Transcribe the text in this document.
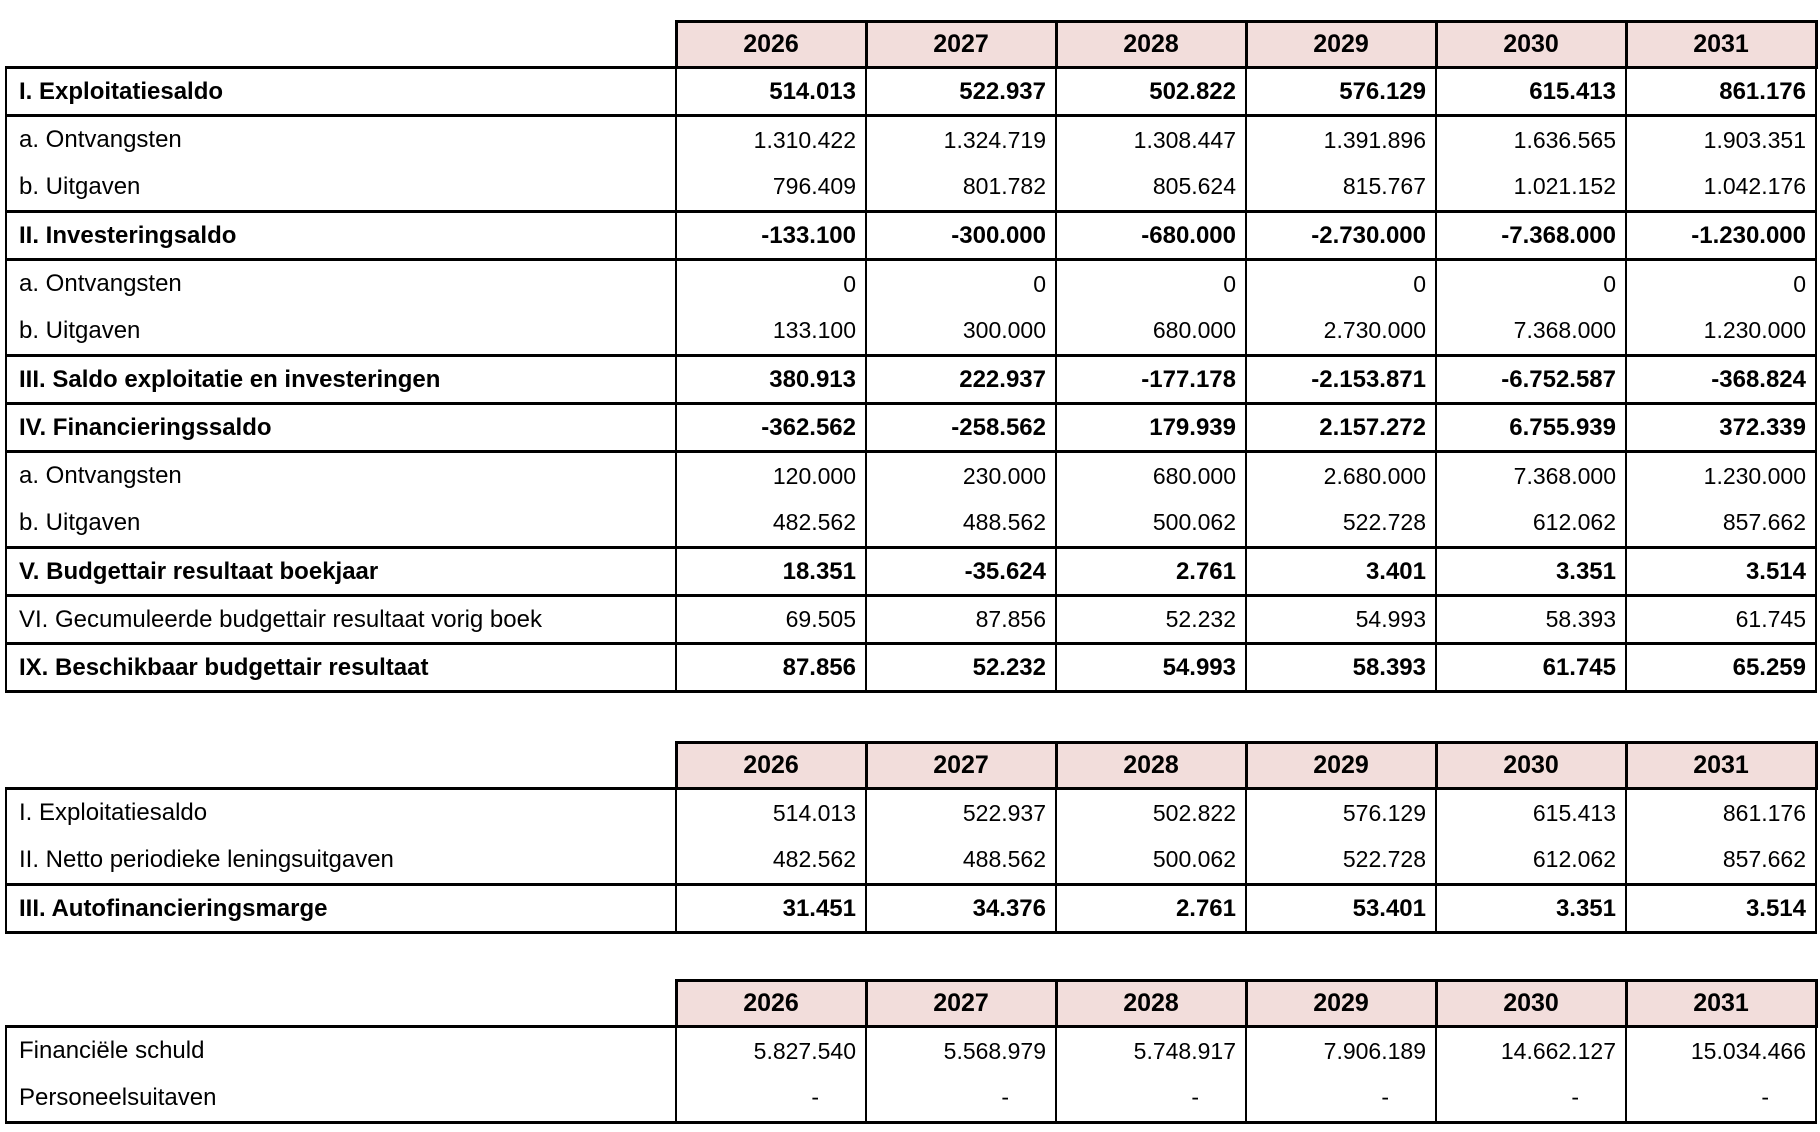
	2026	2027	2028	2029	2030	2031
I. Exploitatiesaldo	514.013	522.937	502.822	576.129	615.413	861.176
a. Ontvangsten	1.310.422	1.324.719	1.308.447	1.391.896	1.636.565	1.903.351
b. Uitgaven	796.409	801.782	805.624	815.767	1.021.152	1.042.176
II. Investeringsaldo	-133.100	-300.000	-680.000	-2.730.000	-7.368.000	-1.230.000
a. Ontvangsten	0	0	0	0	0	0
b. Uitgaven	133.100	300.000	680.000	2.730.000	7.368.000	1.230.000
III. Saldo exploitatie en investeringen	380.913	222.937	-177.178	-2.153.871	-6.752.587	-368.824
IV. Financieringssaldo	-362.562	-258.562	179.939	2.157.272	6.755.939	372.339
a. Ontvangsten	120.000	230.000	680.000	2.680.000	7.368.000	1.230.000
b. Uitgaven	482.562	488.562	500.062	522.728	612.062	857.662
V. Budgettair resultaat boekjaar	18.351	-35.624	2.761	3.401	3.351	3.514
VI. Gecumuleerde budgettair resultaat vorig boek	69.505	87.856	52.232	54.993	58.393	61.745
IX. Beschikbaar budgettair resultaat	87.856	52.232	54.993	58.393	61.745	65.259
	2026	2027	2028	2029	2030	2031
I. Exploitatiesaldo	514.013	522.937	502.822	576.129	615.413	861.176
II. Netto periodieke leningsuitgaven	482.562	488.562	500.062	522.728	612.062	857.662
III. Autofinancieringsmarge	31.451	34.376	2.761	53.401	3.351	3.514
	2026	2027	2028	2029	2030	2031
Financiële schuld	5.827.540	5.568.979	5.748.917	7.906.189	14.662.127	15.034.466
Personeelsuitaven	-	-	-	-	-	-
